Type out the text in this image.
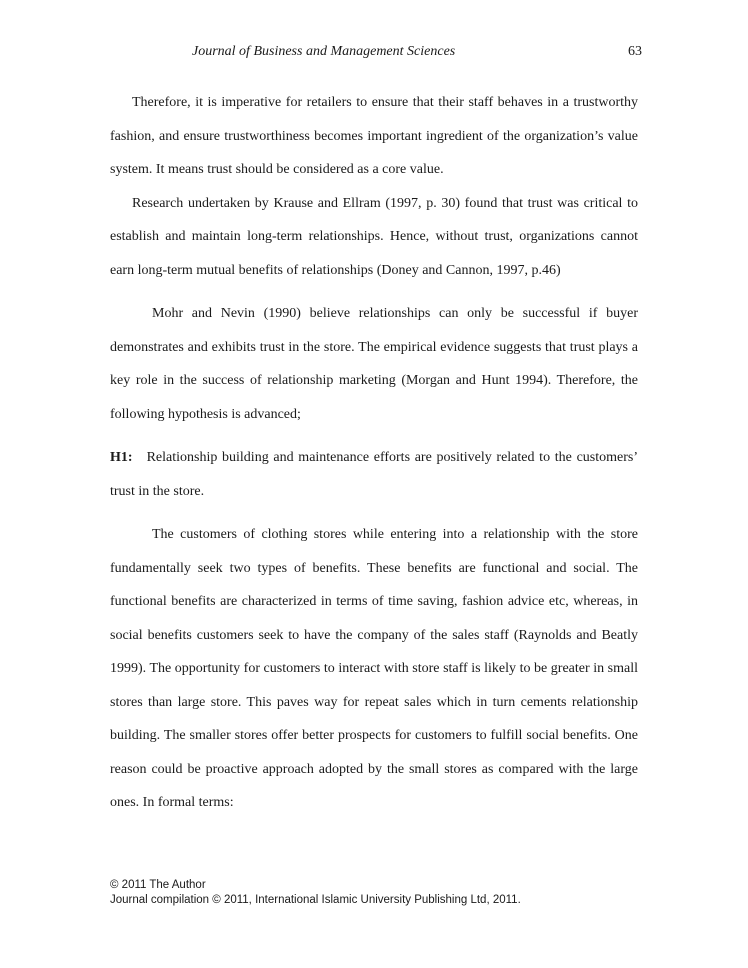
Journal of Business and Management Sciences	63

Therefore, it is imperative for retailers to ensure that their staff behaves in a trustworthy fashion, and ensure trustworthiness becomes important ingredient of the organization’s value system. It means trust should be considered as a core value.

Research undertaken by Krause and Ellram (1997, p. 30) found that trust was critical to establish and maintain long-term relationships. Hence, without trust, organizations cannot earn long-term mutual benefits of relationships (Doney and Cannon, 1997, p.46)

Mohr and Nevin (1990) believe relationships can only be successful if buyer demonstrates and exhibits trust in the store. The empirical evidence suggests that trust plays a key role in the success of relationship marketing (Morgan and Hunt 1994). Therefore, the following hypothesis is advanced;

H1: Relationship building and maintenance efforts are positively related to the customers’ trust in the store.

The customers of clothing stores while entering into a relationship with the store fundamentally seek two types of benefits. These benefits are functional and social. The functional benefits are characterized in terms of time saving, fashion advice etc, whereas, in social benefits customers seek to have the company of the sales staff (Raynolds and Beatly 1999). The opportunity for customers to interact with store staff is likely to be greater in small stores than large store. This paves way for repeat sales which in turn cements relationship building. The smaller stores offer better prospects for customers to fulfill social benefits. One reason could be proactive approach adopted by the small stores as compared with the large ones. In formal terms:

© 2011 The Author
Journal compilation © 2011, International Islamic University Publishing Ltd, 2011.
